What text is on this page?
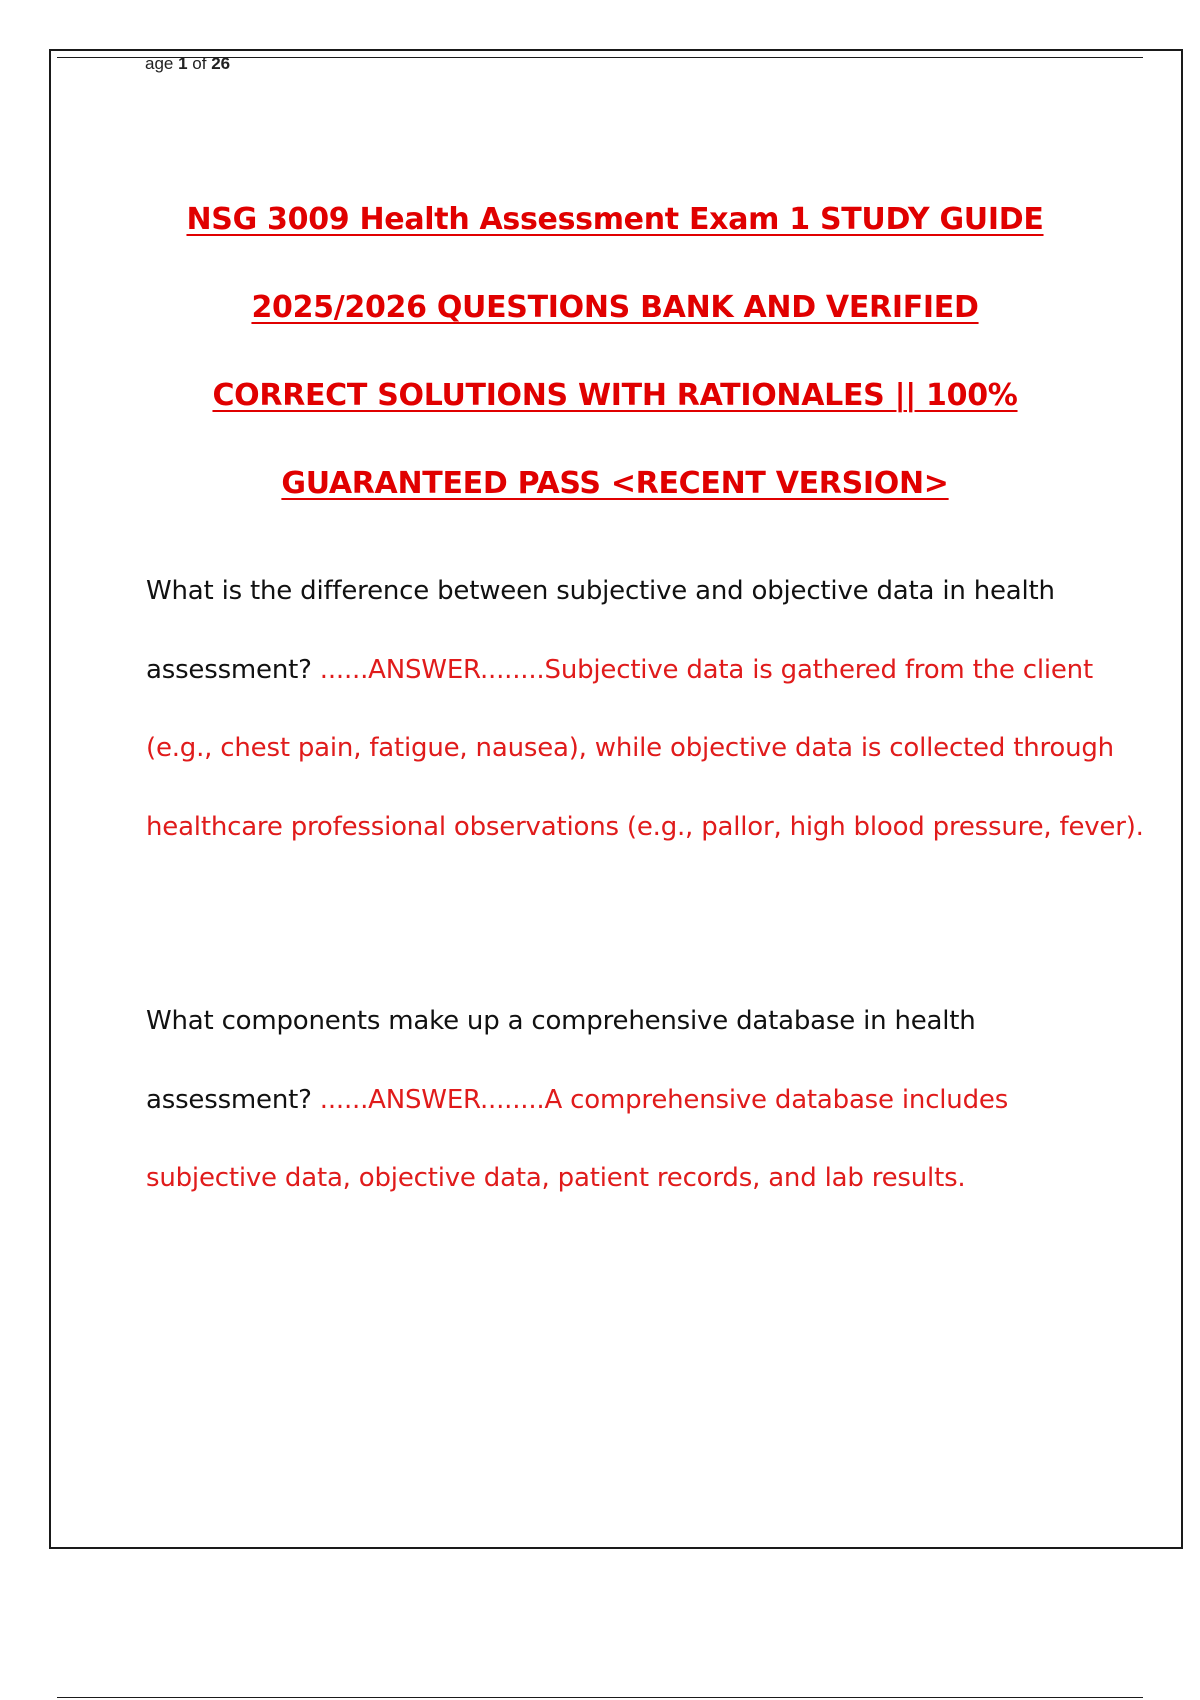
age 1 of 26
NSG 3009 Health Assessment Exam 1 STUDY GUIDE
2025/2026 QUESTIONS BANK AND VERIFIED
CORRECT SOLUTIONS WITH RATIONALES || 100%
GUARANTEED PASS <RECENT VERSION>
What is the difference between subjective and objective data in health assessment? ......ANSWER........Subjective data is gathered from the client (e.g., chest pain, fatigue, nausea), while objective data is collected through healthcare professional observations (e.g., pallor, high blood pressure, fever).
What components make up a comprehensive database in health assessment? ......ANSWER........A comprehensive database includes subjective data, objective data, patient records, and lab results.
